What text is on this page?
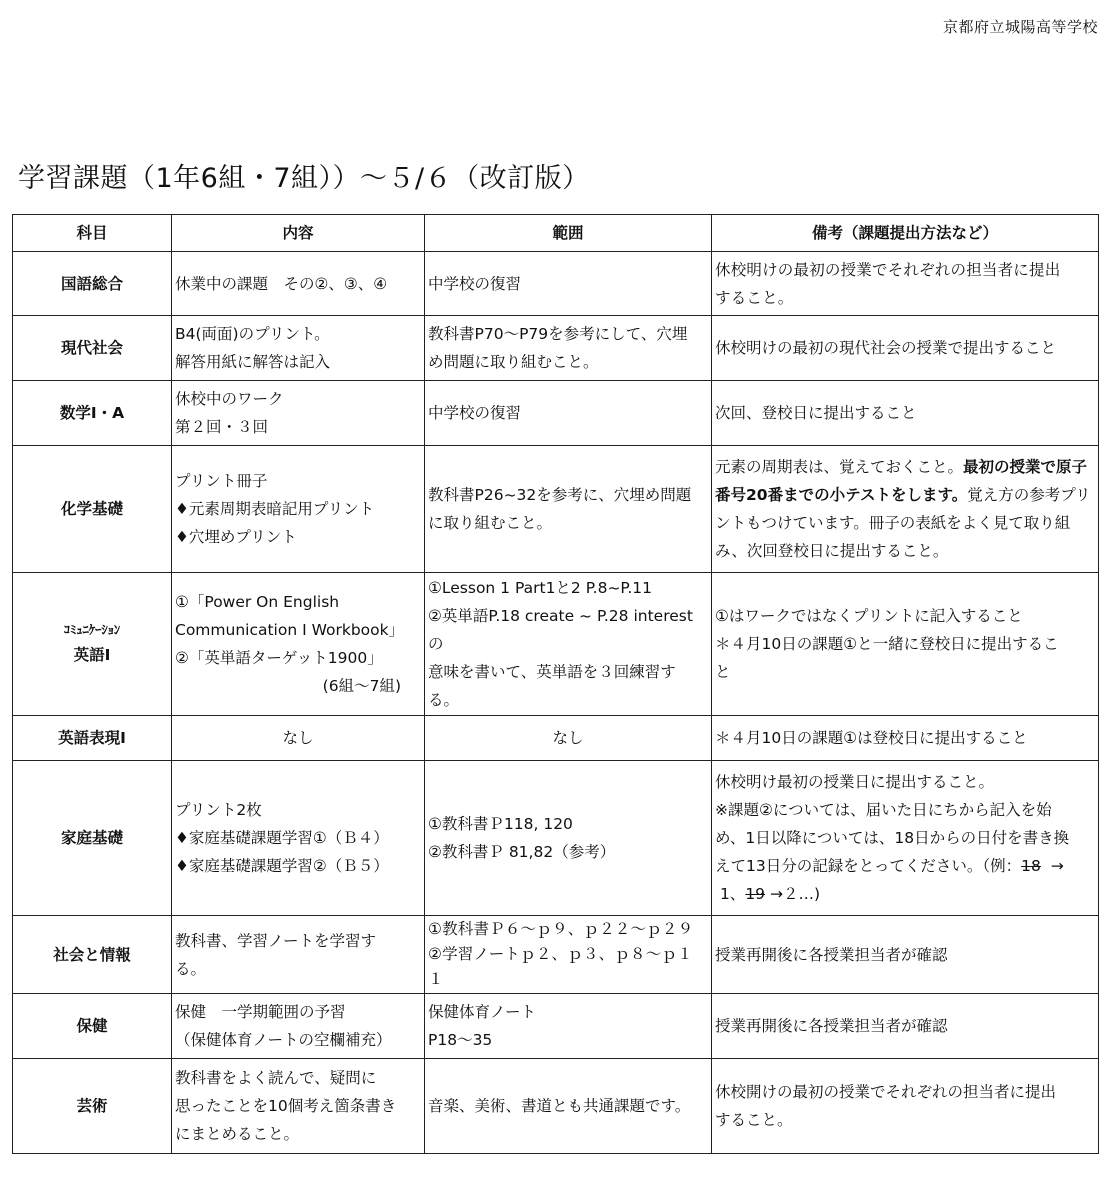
京都府立城陽高等学校
学習課題（1年6組・7組））～５/６（改訂版）
科目	内容	範囲	備考（課題提出方法など）
国語総合	休業中の課題　その②、③、④	中学校の復習	休校明けの最初の授業でそれぞれの担当者に提出
すること。

現代社会	B4(両面)のプリント。
解答用紙に解答は記入	教科書P70～P79を参考にして、穴埋
め問題に取り組むこと。	休校明けの最初の現代社会の授業で提出すること

数学Ⅰ・A	休校中のワーク
第２回・３回	中学校の復習	次回、登校日に提出すること

化学基礎	プリント冊子
♦元素周期表暗記用プリント
♦穴埋めプリント	教科書P26~32を参考に、穴埋め問題
に取り組むこと。	元素の周期表は、覚えておくこと。最初の授業で原子番号20番までの小テストをします。覚え方の参考プリントもつけています。冊子の表紙をよく見て取り組み、次回登校日に提出すること。

ｺﾐｭﾆｹｰｼｮﾝ
英語Ⅰ	①「Power On English
Communication Ⅰ Workbook」
②「英単語ターゲット1900」
(6組～7組)	①Lesson 1 Part1と2 P.8~P.11
②英単語P.18 create ~ P.28 interestの
意味を書いて、英単語を３回練習す
る。	①はワークではなくプリントに記入すること
＊４月10日の課題①と一緒に登校日に提出するこ
と

英語表現Ⅰ	なし	なし	＊４月10日の課題①は登校日に提出すること

家庭基礎	プリント2枚
♦家庭基礎課題学習①（Ｂ４）
♦家庭基礎課題学習②（Ｂ５）	①教科書Ｐ118, 120
②教科書Ｐ 81,82（参考）	休校明け最初の授業日に提出すること。
※課題②については、届いた日にちから記入を始
め、1日以降については、18日からの日付を書き換
えて13日分の記録をとってください。（例：18 →
1、19 →２…)

社会と情報	教科書、学習ノートを学習す
る。	①教科書Ｐ６～ｐ９、ｐ２２～ｐ２９
②学習ノートｐ２、ｐ３、ｐ８～ｐ１１	授業再開後に各授業担当者が確認

保健	保健　一学期範囲の予習
（保健体育ノートの空欄補充）	保健体育ノート
P18～35	授業再開後に各授業担当者が確認

芸術	教科書をよく読んで、疑問に
思ったことを10個考え箇条書き
にまとめること。	音楽、美術、書道とも共通課題です。	休校開けの最初の授業でそれぞれの担当者に提出
すること。
